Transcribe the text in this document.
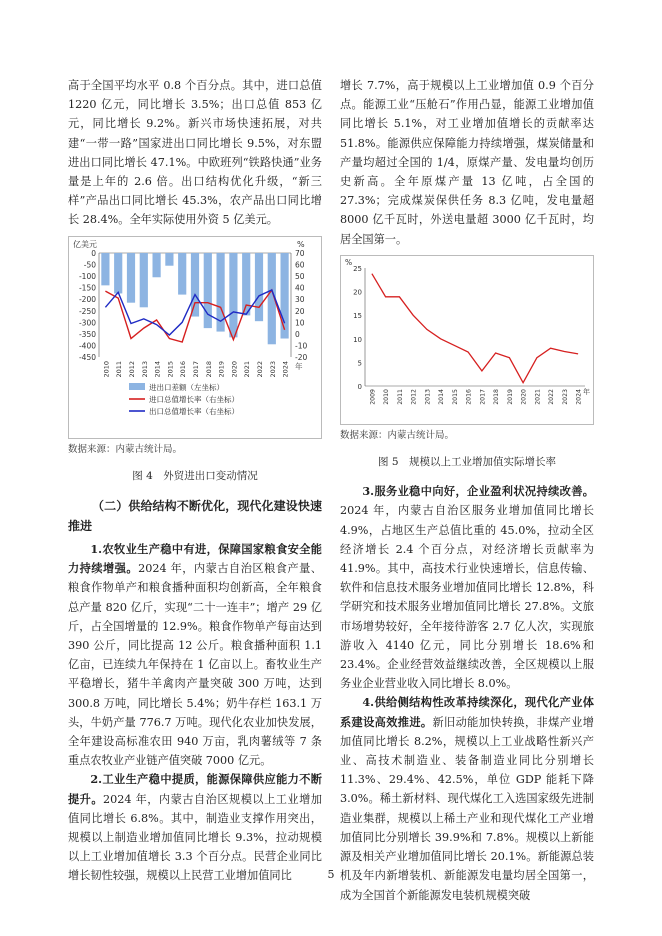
高于全国平均水平 0.8 个百分点。其中，进口总值 1220 亿元，同比增长 3.5%；出口总值 853 亿元，同比增长 9.2%。新兴市场快速拓展，对共建“一带一路”国家进出口同比增长 9.5%，对东盟进出口同比增长 47.1%。中欧班列“铁路快通”业务量是上年的 2.6 倍。出口结构优化升级，“新三样”产品出口同比增长 45.3%，农产品出口同比增长 28.4%。全年实际使用外资 5 亿美元。

亿美元	%
0
-50
-100
-150
-200
-250
-300
-350
-400
-450
70
60
50
40
30
20
10
0
-10
-20
2010 2011 2012 2013 2014 2015 2016 2017 2018 2019 2020 2021 2022 2023 2024 年
进出口差额（左坐标）
进口总值增长率（右坐标）
出口总值增长率（右坐标）

数据来源：内蒙古统计局。

图 4　外贸进出口变动情况

（二）供给结构不断优化，现代化建设快速推进

1.农牧业生产稳中有进，保障国家粮食安全能力持续增强。2024 年，内蒙古自治区粮食产量、粮食作物单产和粮食播种面积均创新高，全年粮食总产量 820 亿斤，实现“二十一连丰”；增产 29 亿斤，占全国增量的 12.9%。粮食作物单产每亩达到 390 公斤，同比提高 12 公斤。粮食播种面积 1.1 亿亩，已连续九年保持在 1 亿亩以上。畜牧业生产平稳增长，猪牛羊禽肉产量突破 300 万吨，达到 300.8 万吨，同比增长 5.4%；奶牛存栏 163.1 万头，牛奶产量 776.7 万吨。现代化农业加快发展，全年建设高标准农田 940 万亩，乳肉薯绒等 7 条重点农牧业产业链产值突破 7000 亿元。

2.工业生产稳中提质，能源保障供应能力不断提升。2024 年，内蒙古自治区规模以上工业增加值同比增长 6.8%。其中，制造业支撑作用突出，规模以上制造业增加值同比增长 9.3%，拉动规模以上工业增加值增长 3.3 个百分点。民营企业同比增长韧性较强，规模以上民营工业增加值同比

增长 7.7%，高于规模以上工业增加值 0.9 个百分点。能源工业“压舱石”作用凸显，能源工业增加值同比增长 5.1%，对工业增加值增长的贡献率达 51.8%。能源供应保障能力持续增强，煤炭储量和产量均超过全国的 1/4，原煤产量、发电量均创历史新高。全年原煤产量 13 亿吨，占全国的 27.3%；完成煤炭保供任务 8.3 亿吨，发电量超 8000 亿千瓦时，外送电量超 3000 亿千瓦时，均居全国第一。

%
25
20
15
10
5
0
2009 2010 2011 2012 2013 2014 2015 2016 2017 2018 2019 2020 2021 2022 2023 2024 年

数据来源：内蒙古统计局。

图 5　规模以上工业增加值实际增长率

3.服务业稳中向好，企业盈利状况持续改善。2024 年，内蒙古自治区服务业增加值同比增长 4.9%，占地区生产总值比重的 45.0%，拉动全区经济增长 2.4 个百分点，对经济增长贡献率为 41.9%。其中，高技术行业快速增长，信息传输、软件和信息技术服务业增加值同比增长 12.8%，科学研究和技术服务业增加值同比增长 27.8%。文旅市场增势较好，全年接待游客 2.7 亿人次，实现旅游收入 4140 亿元，同比分别增长 18.6%和 23.4%。企业经营效益继续改善，全区规模以上服务业企业营业收入同比增长 8.0%。

4.供给侧结构性改革持续深化，现代化产业体系建设高效推进。新旧动能加快转换，非煤产业增加值同比增长 8.2%，规模以上工业战略性新兴产业、高技术制造业、装备制造业同比分别增长 11.3%、29.4%、42.5%，单位 GDP 能耗下降 3.0%。稀土新材料、现代煤化工入选国家级先进制造业集群，规模以上稀土产业和现代煤化工产业增加值同比分别增长 39.9%和 7.8%。规模以上新能源及相关产业增加值同比增长 20.1%。新能源总装机及年内新增装机、新能源发电量均居全国第一，成为全国首个新能源发电装机规模突破

5
